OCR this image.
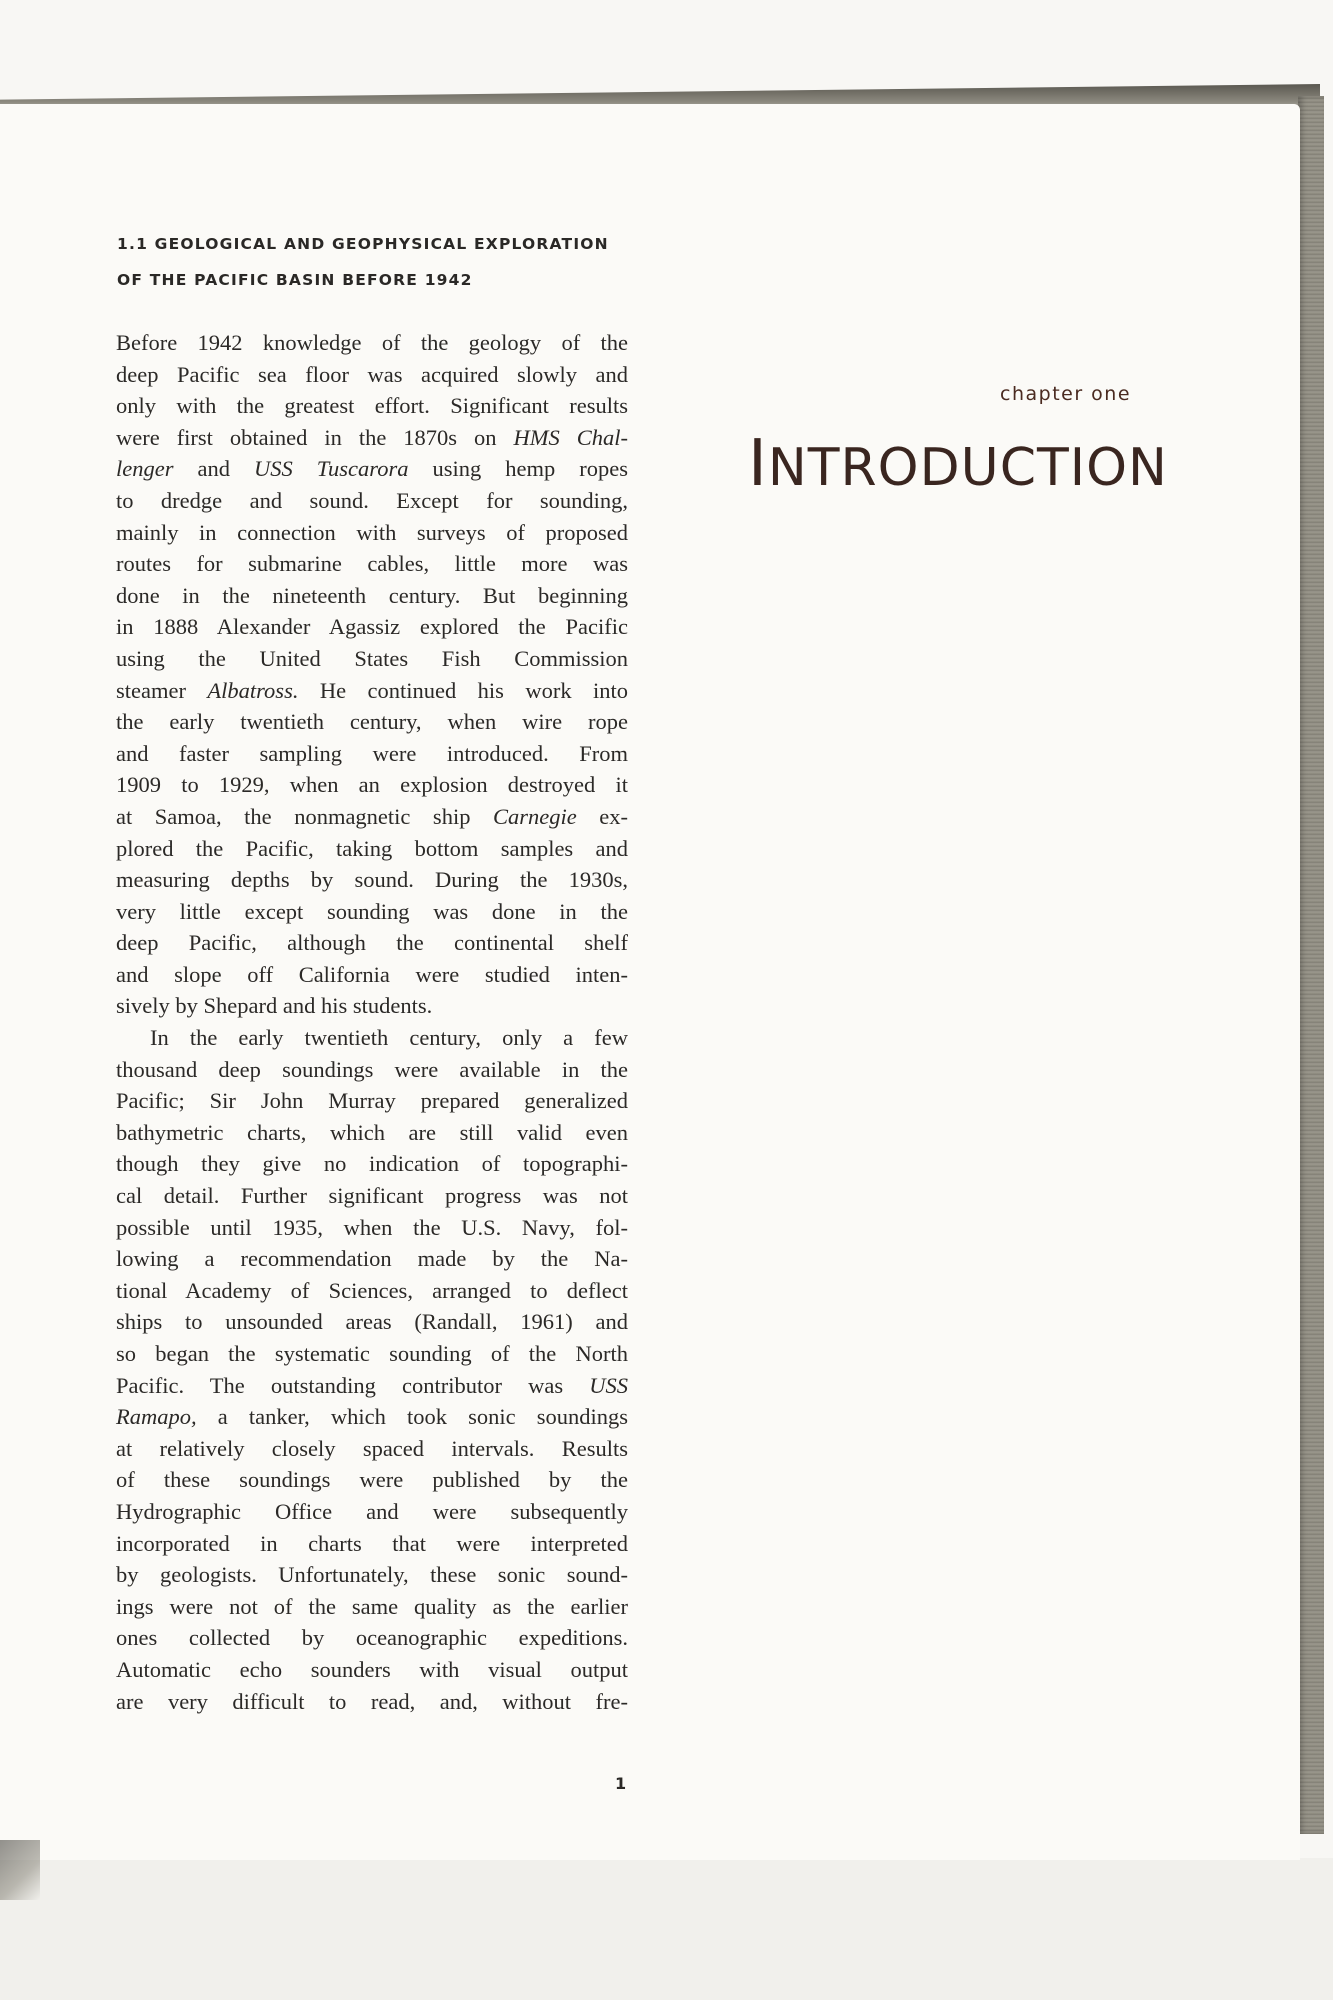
1.1 GEOLOGICAL AND GEOPHYSICAL EXPLORATION
OF THE PACIFIC BASIN BEFORE 1942
Before 1942 knowledge of the geology of the
deep Pacific sea floor was acquired slowly and
only with the greatest effort. Significant results
were first obtained in the 1870s on HMS Chal-
lenger and USS Tuscarora using hemp ropes
to dredge and sound. Except for sounding,
mainly in connection with surveys of proposed
routes for submarine cables, little more was
done in the nineteenth century. But beginning
in 1888 Alexander Agassiz explored the Pacific
using the United States Fish Commission
steamer Albatross. He continued his work into
the early twentieth century, when wire rope
and faster sampling were introduced. From
1909 to 1929, when an explosion destroyed it
at Samoa, the nonmagnetic ship Carnegie ex-
plored the Pacific, taking bottom samples and
measuring depths by sound. During the 1930s,
very little except sounding was done in the
deep Pacific, although the continental shelf
and slope off California were studied inten-
sively by Shepard and his students.
In the early twentieth century, only a few
thousand deep soundings were available in the
Pacific; Sir John Murray prepared generalized
bathymetric charts, which are still valid even
though they give no indication of topographi-
cal detail. Further significant progress was not
possible until 1935, when the U.S. Navy, fol-
lowing a recommendation made by the Na-
tional Academy of Sciences, arranged to deflect
ships to unsounded areas (Randall, 1961) and
so began the systematic sounding of the North
Pacific. The outstanding contributor was USS
Ramapo, a tanker, which took sonic soundings
at relatively closely spaced intervals. Results
of these soundings were published by the
Hydrographic Office and were subsequently
incorporated in charts that were interpreted
by geologists. Unfortunately, these sonic sound-
ings were not of the same quality as the earlier
ones collected by oceanographic expeditions.
Automatic echo sounders with visual output
are very difficult to read, and, without fre-
chapter one
INTRODUCTION
1
